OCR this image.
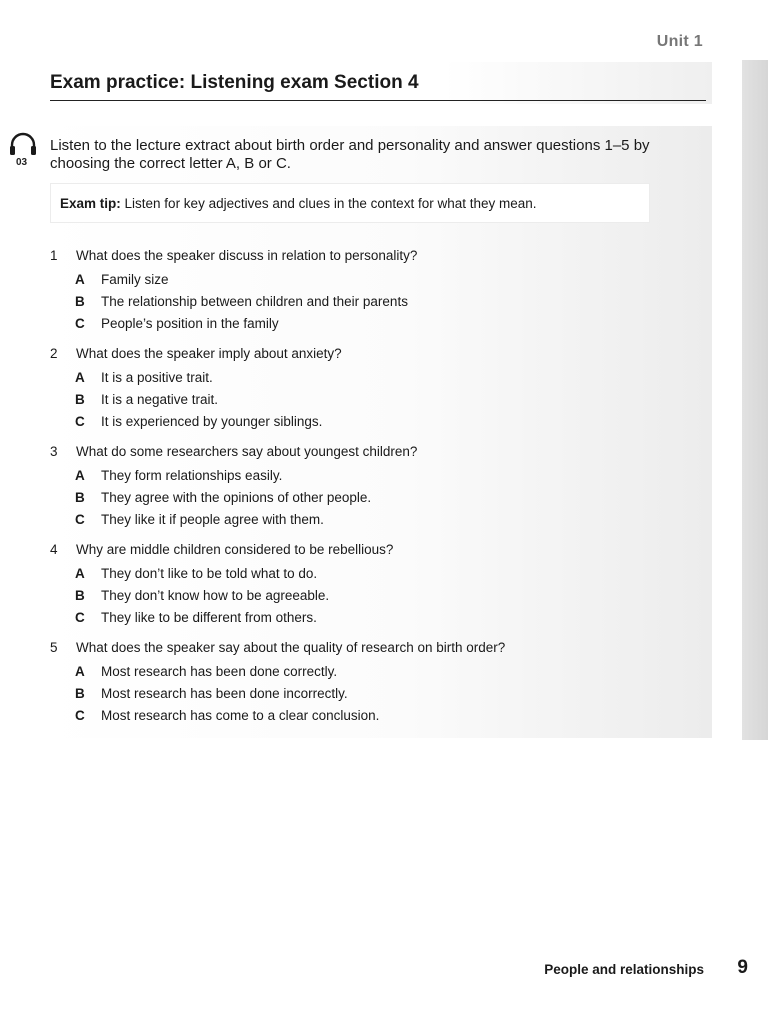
Unit 1
Exam practice: Listening exam Section 4
03
Listen to the lecture extract about birth order and personality and answer questions 1–5 by choosing the correct letter A, B or C.
Exam tip: Listen for key adjectives and clues in the context for what they mean.
1	What does the speaker discuss in relation to personality?
A Family size
B The relationship between children and their parents
C People’s position in the family
2	What does the speaker imply about anxiety?
A It is a positive trait.
B It is a negative trait.
C It is experienced by younger siblings.
3	What do some researchers say about youngest children?
A They form relationships easily.
B They agree with the opinions of other people.
C They like it if people agree with them.
4	Why are middle children considered to be rebellious?
A They don’t like to be told what to do.
B They don’t know how to be agreeable.
C They like to be different from others.
5	What does the speaker say about the quality of research on birth order?
A Most research has been done correctly.
B Most research has been done incorrectly.
C Most research has come to a clear conclusion.
People and relationships 9
